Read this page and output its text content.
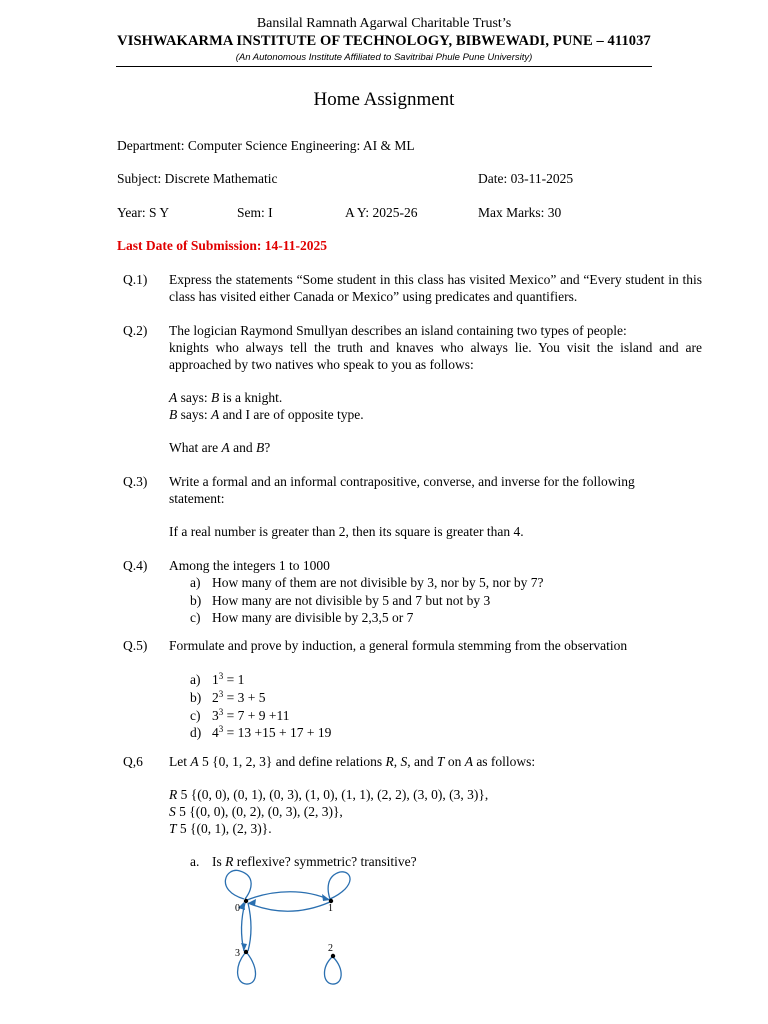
Bansilal Ramnath Agarwal Charitable Trust’s
VISHWAKARMA INSTITUTE OF TECHNOLOGY, BIBWEWADI, PUNE – 411037
(An Autonomous Institute Affiliated to Savitribai Phule Pune University)
Home Assignment
Department: Computer Science Engineering: AI & ML
Subject: Discrete Mathematic	Date: 03-11-2025
Year: S Y	Sem: I	A Y: 2025-26	Max Marks: 30
Last Date of Submission: 14-11-2025
Q.1) Express the statements “Some student in this class has visited Mexico” and “Every student in this class has visited either Canada or Mexico” using predicates and quantifiers.
Q.2) The logician Raymond Smullyan describes an island containing two types of people:
knights who always tell the truth and knaves who always lie. You visit the island and are approached by two natives who speak to you as follows:
A says: B is a knight.
B says: A and I are of opposite type.
What are A and B?
Q.3) Write a formal and an informal contrapositive, converse, and inverse for the following statement:
If a real number is greater than 2, then its square is greater than 4.
Q.4) Among the integers 1 to 1000
a) How many of them are not divisible by 3, nor by 5, nor by 7?
b) How many are not divisible by 5 and 7 but not by 3
c) How many are divisible by 2,3,5 or 7
Q.5) Formulate and prove by induction, a general formula stemming from the observation
a) $1^3 = 1$
b) $2^3 = 3 + 5$
c) $3^3 = 7 + 9 +11$
d) $4^3 = 13 +15 + 17 + 19$
Q,6 Let A 5 {0, 1, 2, 3} and define relations R, S, and T on A as follows:
R 5 {(0, 0), (0, 1), (0, 3), (1, 0), (1, 1), (2, 2), (3, 0), (3, 3)},
S 5 {(0, 0), (0, 2), (0, 3), (2, 3)},
T 5 {(0, 1), (2, 3)}.
a. Is R reflexive? symmetric? transitive?
0	1
3	2
